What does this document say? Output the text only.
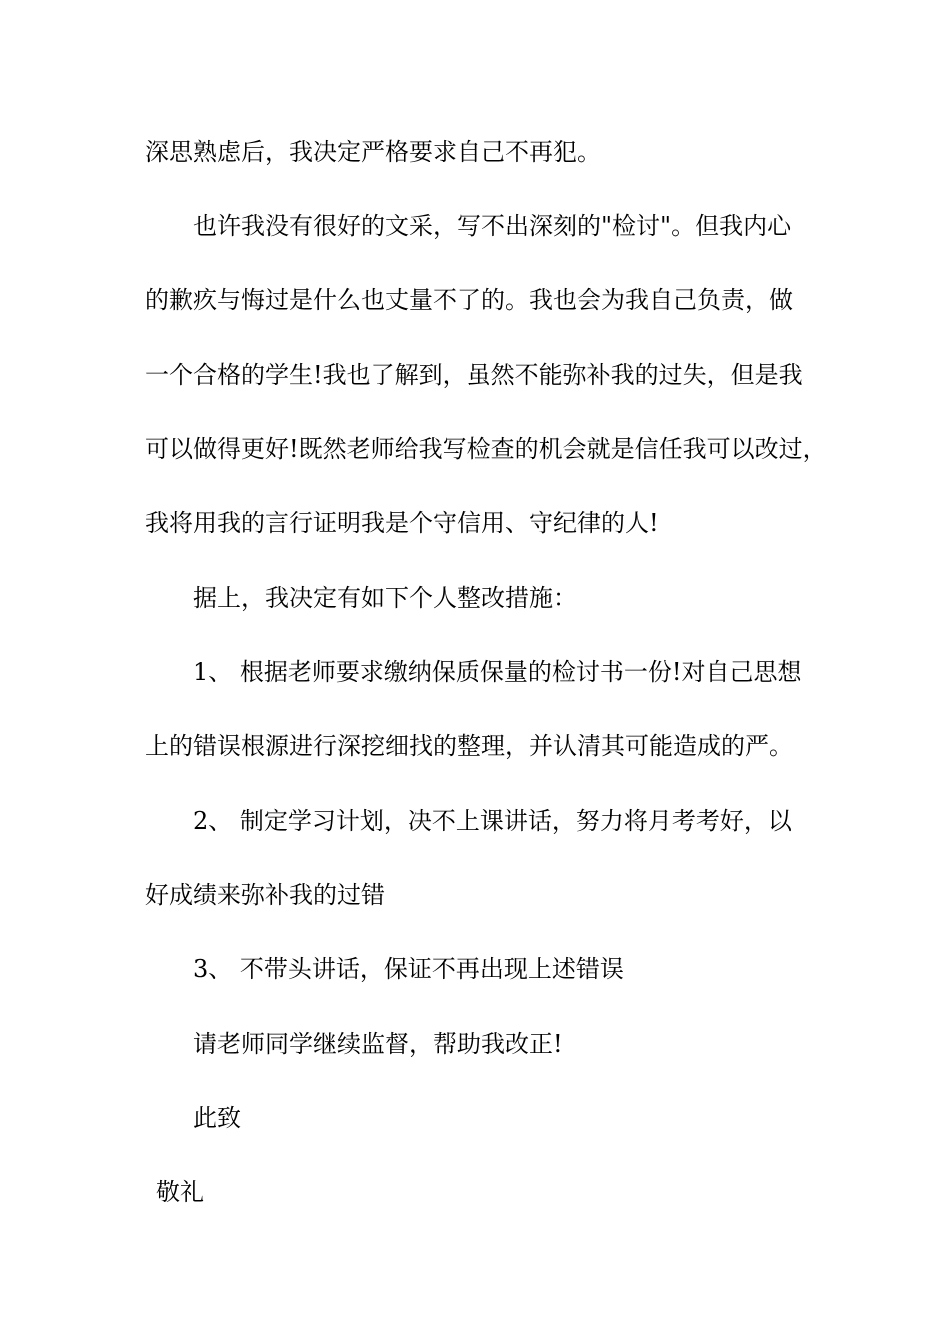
深思熟虑后，我决定严格要求自己不再犯。

也许我没有很好的文采，写不出深刻的"检讨"。但我内心

的歉疚与悔过是什么也丈量不了的。我也会为我自己负责，做

一个合格的学生!我也了解到，虽然不能弥补我的过失，但是我

可以做得更好!既然老师给我写检查的机会就是信任我可以改过，

我将用我的言行证明我是个守信用、守纪律的人!

据上，我决定有如下个人整改措施：

1、 根据老师要求缴纳保质保量的检讨书一份!对自己思想

上的错误根源进行深挖细找的整理，并认清其可能造成的严。

2、 制定学习计划，决不上课讲话，努力将月考考好，以

好成绩来弥补我的过错

3、 不带头讲话，保证不再出现上述错误

请老师同学继续监督，帮助我改正!

此致

敬礼
